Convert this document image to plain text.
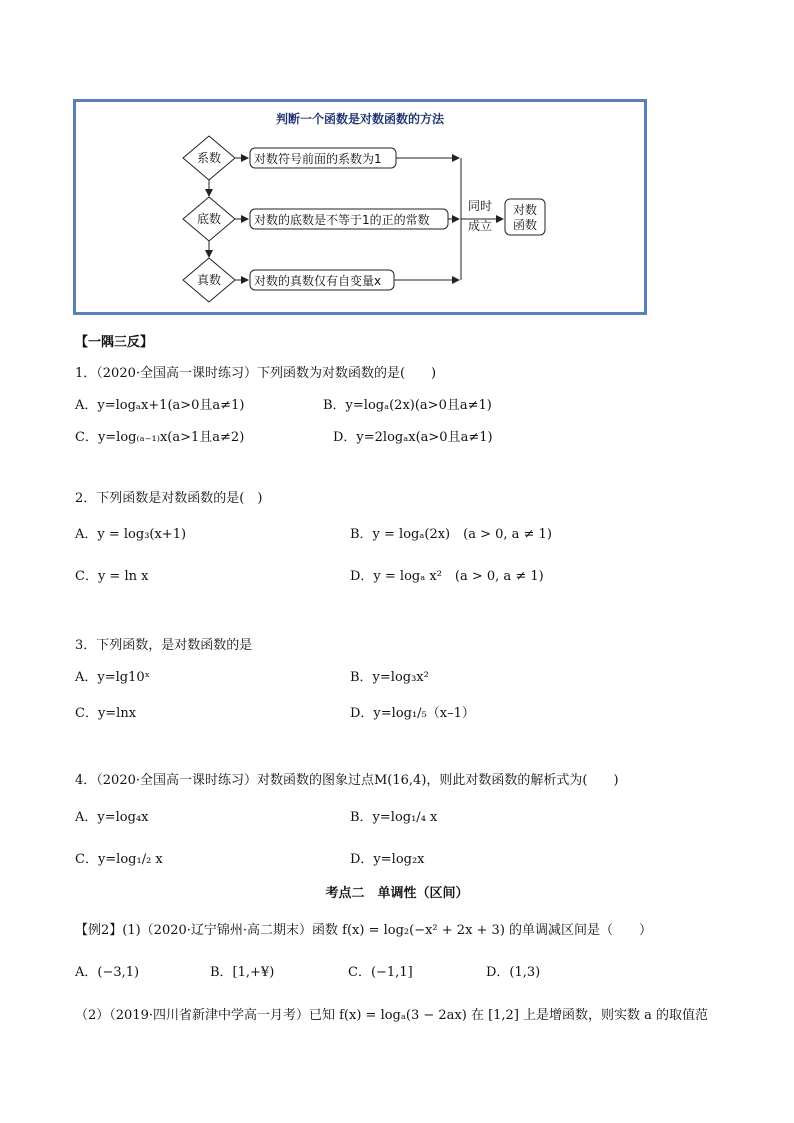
判断一个函数是对数函数的方法
系数
底数
真数
对数符号前面的系数为1
对数的底数是不等于1的正的常数
对数的真数仅有自变量x
同时
成立
对数
函数
【一隅三反】
1．（2020·全国高一课时练习）下列函数为对数函数的是(　　)
A．y=logₐx+1(a>0且a≠1)	B．y=logₐ(2x)(a>0且a≠1)
C．y=log₍ₐ₋₁₎x(a>1且a≠2)	D．y=2logₐx(a>0且a≠1)
2．下列函数是对数函数的是(　)
A．y = log₃(x+1)	B．y = logₐ(2x)　(a > 0, a ≠ 1)
C．y = ln x	D．y = logₐ x²　(a > 0, a ≠ 1)
3．下列函数，是对数函数的是
A．y=lg10ˣ	B．y=log₃x²
C．y=lnx	D．y=log₁/₅（x–1）
4．（2020·全国高一课时练习）对数函数的图象过点M(16,4)，则此对数函数的解析式为(　　)
A．y=log₄x	B．y=log₁/₄ x
C．y=log₁/₂ x	D．y=log₂x
考点二　单调性（区间）
【例2】(1)（2020·辽宁锦州·高二期末）函数 f(x) = log₂(−x² + 2x + 3) 的单调减区间是（　　）
A．(−3,1)	B．[1,+¥)	C．(−1,1]	D．(1,3)
（2）（2019·四川省新津中学高一月考）已知 f(x) = logₐ(3 − 2ax) 在 [1,2] 上是增函数，则实数 a 的取值范
